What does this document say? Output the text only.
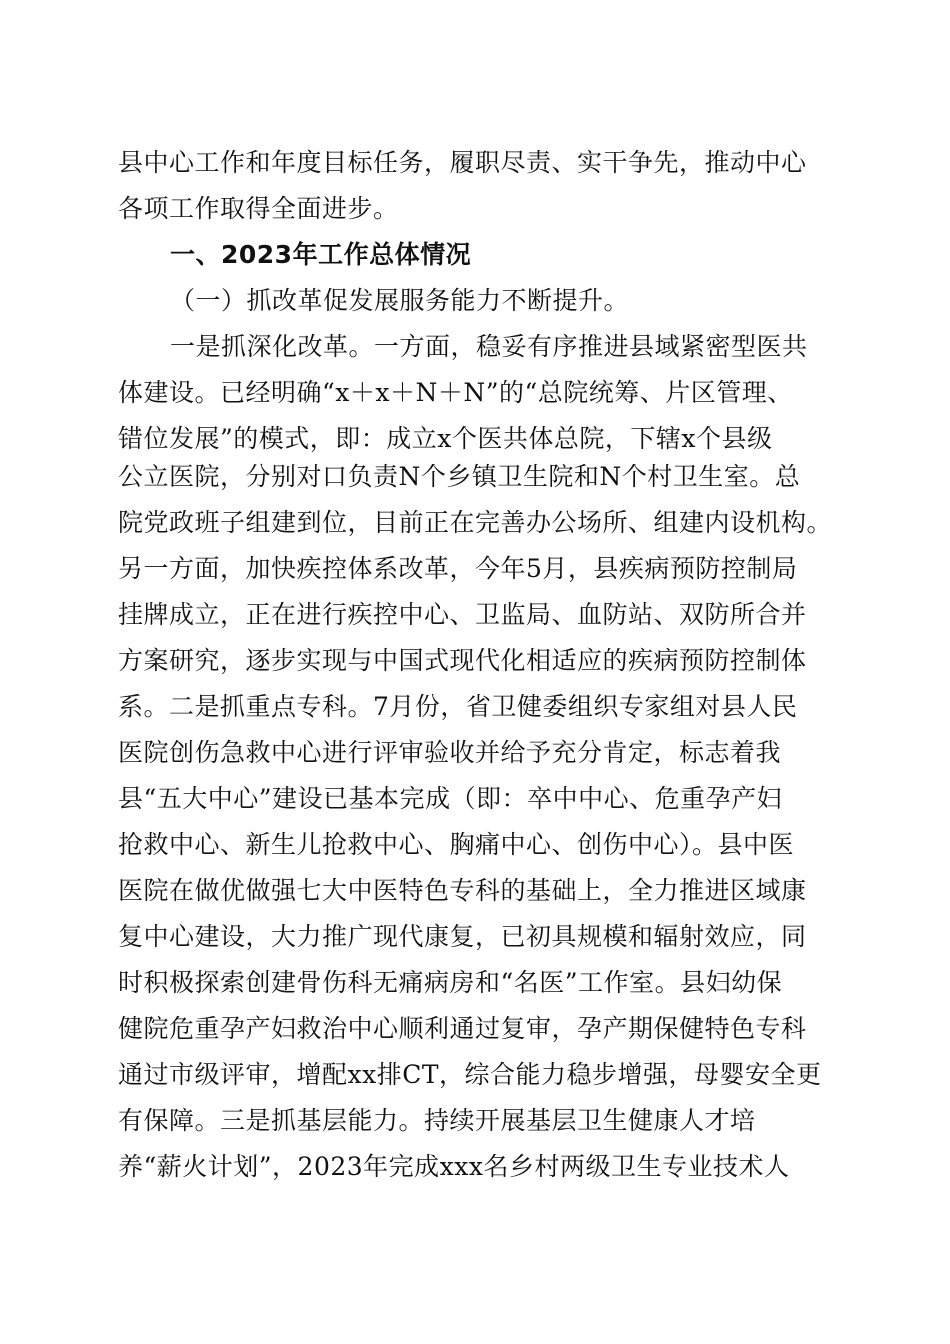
县中心工作和年度目标任务，履职尽责、实干争先，推动中心
各项工作取得全面进步。
一、2023年工作总体情况
（一）抓改革促发展服务能力不断提升。
一是抓深化改革。一方面，稳妥有序推进县域紧密型医共
体建设。已经明确“x＋x＋N＋N”的“总院统筹、片区管理、
错位发展”的模式，即：成立x个医共体总院，下辖x个县级
公立医院，分别对口负责N个乡镇卫生院和N个村卫生室。总
院党政班子组建到位，目前正在完善办公场所、组建内设机构。
另一方面，加快疾控体系改革，今年5月，县疾病预防控制局
挂牌成立，正在进行疾控中心、卫监局、血防站、双防所合并
方案研究，逐步实现与中国式现代化相适应的疾病预防控制体
系。二是抓重点专科。7月份，省卫健委组织专家组对县人民
医院创伤急救中心进行评审验收并给予充分肯定，标志着我
县“五大中心”建设已基本完成（即：卒中中心、危重孕产妇
抢救中心、新生儿抢救中心、胸痛中心、创伤中心）。县中医
医院在做优做强七大中医特色专科的基础上，全力推进区域康
复中心建设，大力推广现代康复，已初具规模和辐射效应，同
时积极探索创建骨伤科无痛病房和“名医”工作室。县妇幼保
健院危重孕产妇救治中心顺利通过复审，孕产期保健特色专科
通过市级评审，增配xx排CT，综合能力稳步增强，母婴安全更
有保障。三是抓基层能力。持续开展基层卫生健康人才培
养“薪火计划”，2023年完成xxx名乡村两级卫生专业技术人
